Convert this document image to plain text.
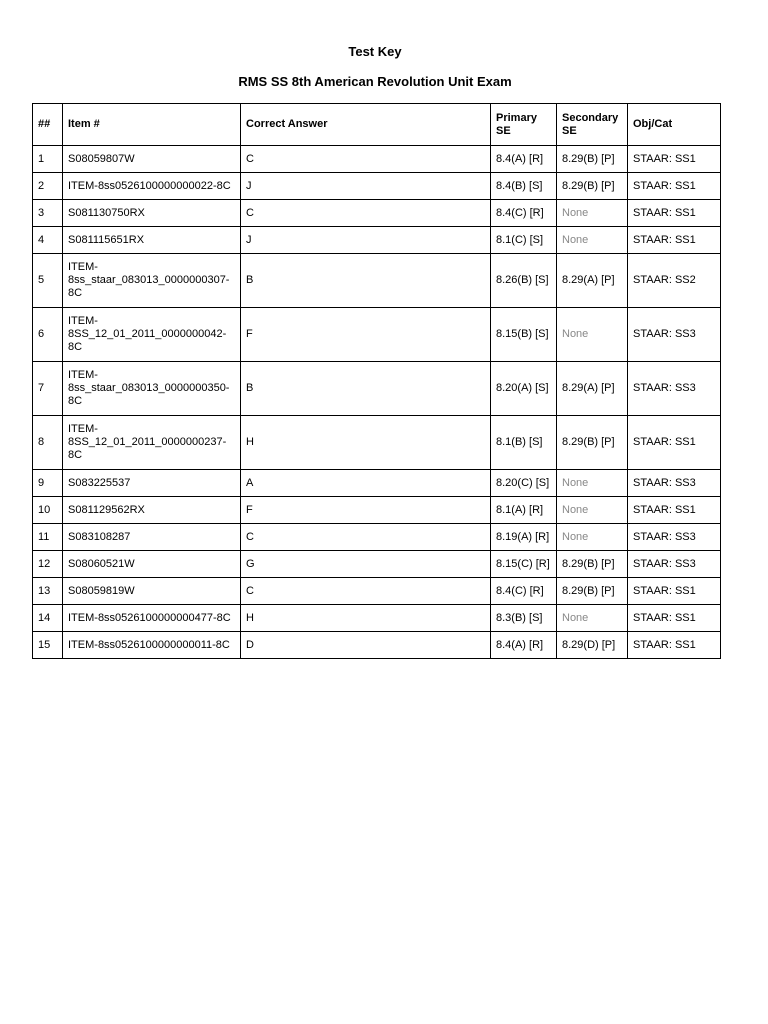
Test Key
RMS SS 8th American Revolution Unit Exam
##	Item #	Correct Answer	Primary SE	Secondary SE	Obj/Cat
1	S08059807W	C	8.4(A) [R]	8.29(B) [P]	STAAR: SS1
2	ITEM-8ss0526100000000022-8C	J	8.4(B) [S]	8.29(B) [P]	STAAR: SS1
3	S081130750RX	C	8.4(C) [R]	None	STAAR: SS1
4	S081115651RX	J	8.1(C) [S]	None	STAAR: SS1
5	ITEM-8ss_staar_083013_0000000307-8C	B	8.26(B) [S]	8.29(A) [P]	STAAR: SS2
6	ITEM-8SS_12_01_2011_0000000042-8C	F	8.15(B) [S]	None	STAAR: SS3
7	ITEM-8ss_staar_083013_0000000350-8C	B	8.20(A) [S]	8.29(A) [P]	STAAR: SS3
8	ITEM-8SS_12_01_2011_0000000237-8C	H	8.1(B) [S]	8.29(B) [P]	STAAR: SS1
9	S083225537	A	8.20(C) [S]	None	STAAR: SS3
10	S081129562RX	F	8.1(A) [R]	None	STAAR: SS1
11	S083108287	C	8.19(A) [R]	None	STAAR: SS3
12	S08060521W	G	8.15(C) [R]	8.29(B) [P]	STAAR: SS3
13	S08059819W	C	8.4(C) [R]	8.29(B) [P]	STAAR: SS1
14	ITEM-8ss0526100000000477-8C	H	8.3(B) [S]	None	STAAR: SS1
15	ITEM-8ss0526100000000011-8C	D	8.4(A) [R]	8.29(D) [P]	STAAR: SS1
